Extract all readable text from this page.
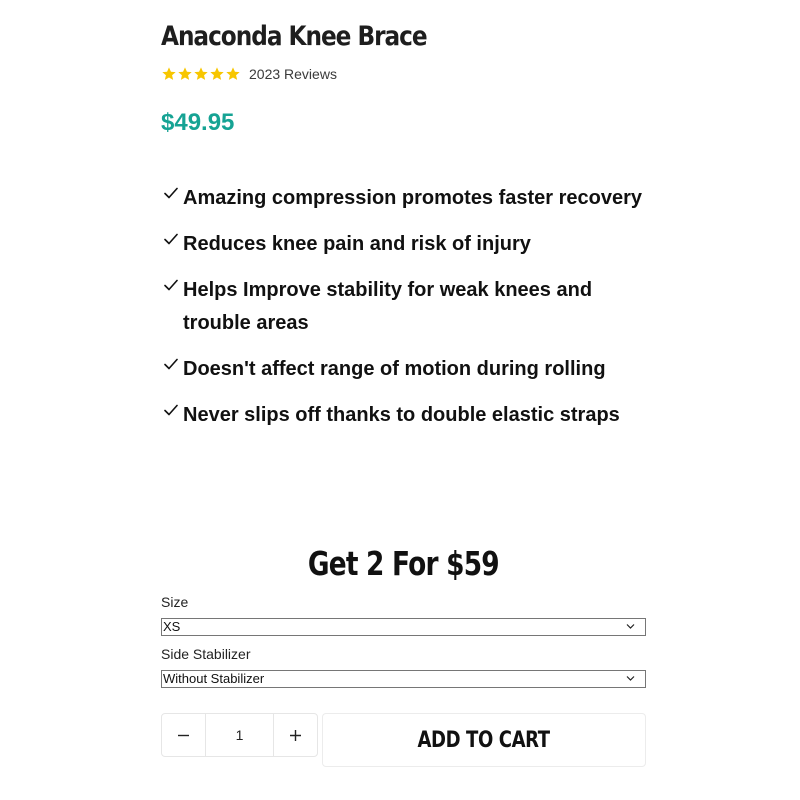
Anaconda Knee Brace
2023 Reviews
$49.95
Amazing compression promotes faster recovery
Reduces knee pain and risk of injury
Helps Improve stability for weak knees and trouble areas
Doesn't affect range of motion during rolling
Never slips off thanks to double elastic straps
Get 2 For $59
Size
XS
Side Stabilizer
Without Stabilizer
1	ADD TO CART
